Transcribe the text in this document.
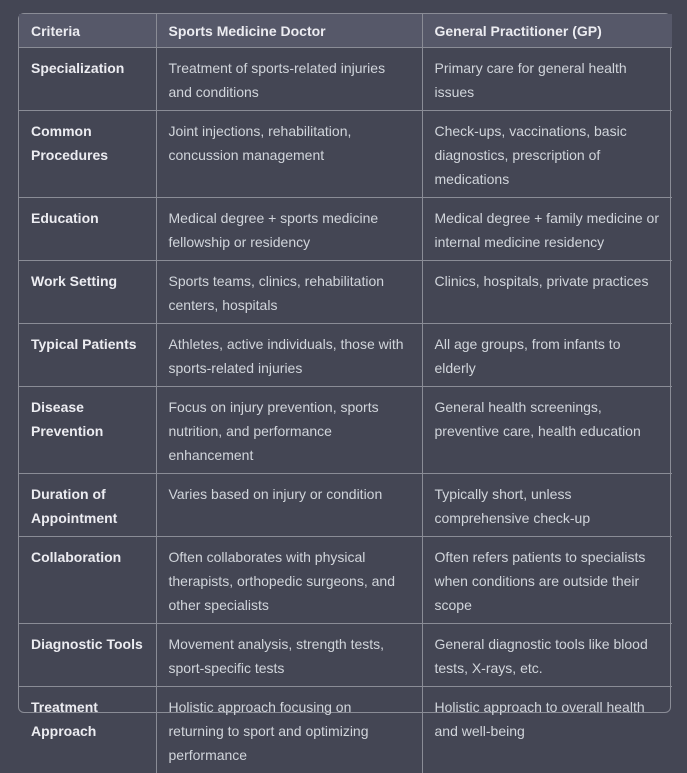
Criteria	Sports Medicine Doctor	General Practitioner (GP)
Specialization	Treatment of sports-related injuries and conditions	Primary care for general health issues
Common Procedures	Joint injections, rehabilitation, concussion management	Check-ups, vaccinations, basic diagnostics, prescription of medications
Education	Medical degree + sports medicine fellowship or residency	Medical degree + family medicine or internal medicine residency
Work Setting	Sports teams, clinics, rehabilitation centers, hospitals	Clinics, hospitals, private practices
Typical Patients	Athletes, active individuals, those with sports-related injuries	All age groups, from infants to elderly
Disease Prevention	Focus on injury prevention, sports nutrition, and performance enhancement	General health screenings, preventive care, health education
Duration of Appointment	Varies based on injury or condition	Typically short, unless comprehensive check-up
Collaboration	Often collaborates with physical therapists, orthopedic surgeons, and other specialists	Often refers patients to specialists when conditions are outside their scope
Diagnostic Tools	Movement analysis, strength tests, sport-specific tests	General diagnostic tools like blood tests, X-rays, etc.
Treatment Approach	Holistic approach focusing on returning to sport and optimizing performance	Holistic approach to overall health and well-being
